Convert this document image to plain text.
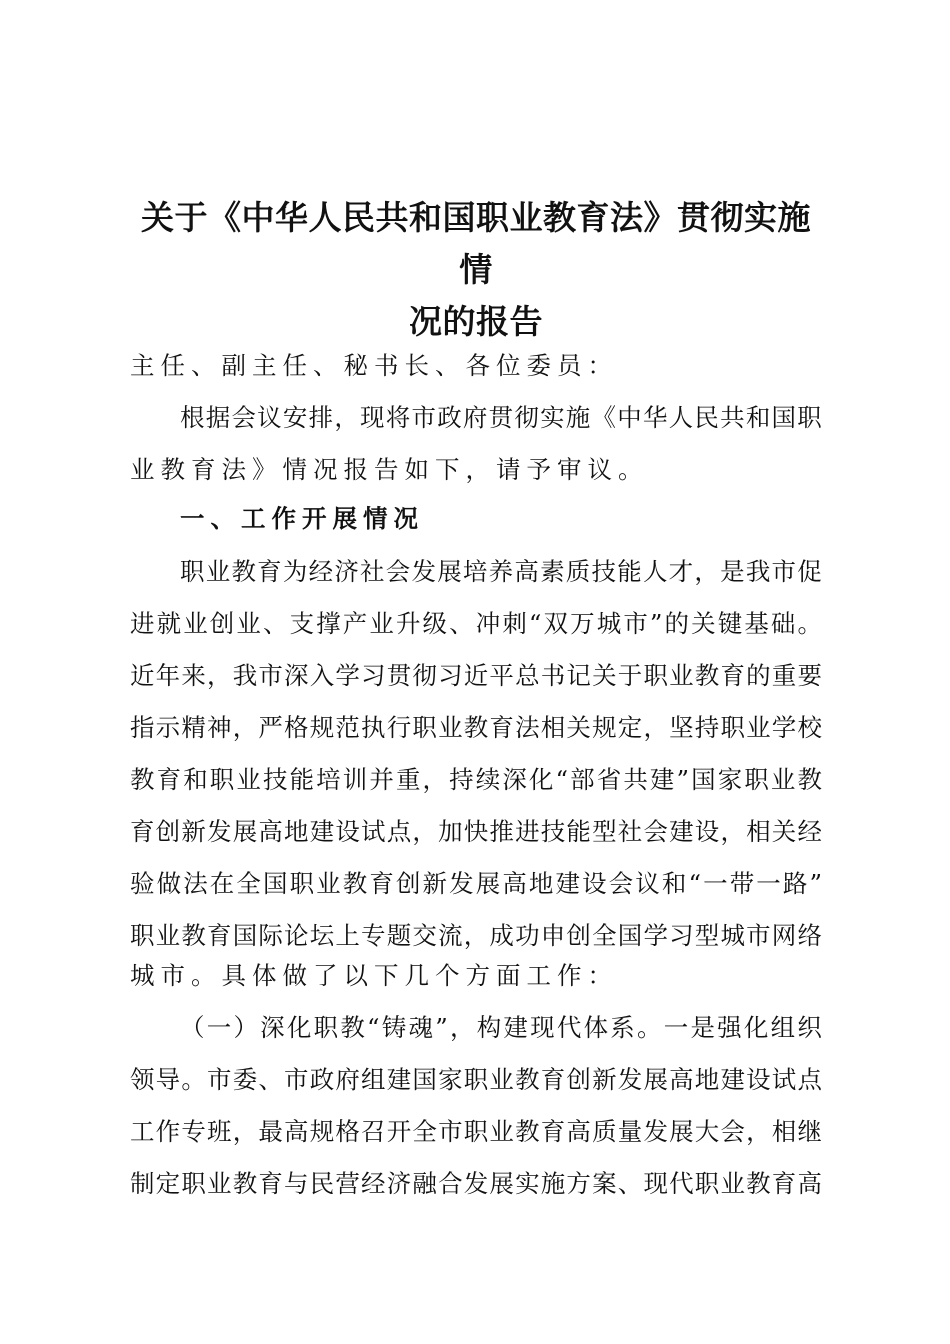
关于《中华人民共和国职业教育法》贯彻实施情
况的报告
主任、副主任、秘书长、各位委员：
根 据 会 议 安 排 ， 现 将 市 政 府 贯 彻 实 施 《 中 华 人 民 共 和 国 职
业教育法》情况报告如下，请予审议。
一、工作开展情况
职 业 教 育 为 经 济 社 会 发 展 培 养 高 素 质 技 能 人 才 ， 是 我 市 促
进 就 业 创 业 、 支 撑 产 业 升 级 、 冲 刺 “ 双 万 城 市 ” 的 关 键 基 础 。
近 年 来 ， 我 市 深 入 学 习 贯 彻 习 近 平 总 书 记 关 于 职 业 教 育 的 重 要
指 示 精 神 ， 严 格 规 范 执 行 职 业 教 育 法 相 关 规 定 ， 坚 持 职 业 学 校
教 育 和 职 业 技 能 培 训 并 重 ， 持 续 深 化 “ 部 省 共 建 ” 国 家 职 业 教
育 创 新 发 展 高 地 建 设 试 点 ， 加 快 推 进 技 能 型 社 会 建 设 ， 相 关 经
验 做 法 在 全 国 职 业 教 育 创 新 发 展 高 地 建 设 会 议 和 “ 一 带 一 路 ”
职 业 教 育 国 际 论 坛 上 专 题 交 流 ， 成 功 申 创 全 国 学 习 型 城 市 网 络
城市。具体做了以下几个方面工作：
（ 一 ） 深 化 职 教 “ 铸 魂 ” ， 构 建 现 代 体 系 。 一 是 强 化 组 织
领 导 。 市 委 、 市 政 府 组 建 国 家 职 业 教 育 创 新 发 展 高 地 建 设 试 点
工 作 专 班 ， 最 高 规 格 召 开 全 市 职 业 教 育 高 质 量 发 展 大 会 ， 相 继
制 定 职 业 教 育 与 民 营 经 济 融 合 发 展 实 施 方 案 、 现 代 职 业 教 育 高
